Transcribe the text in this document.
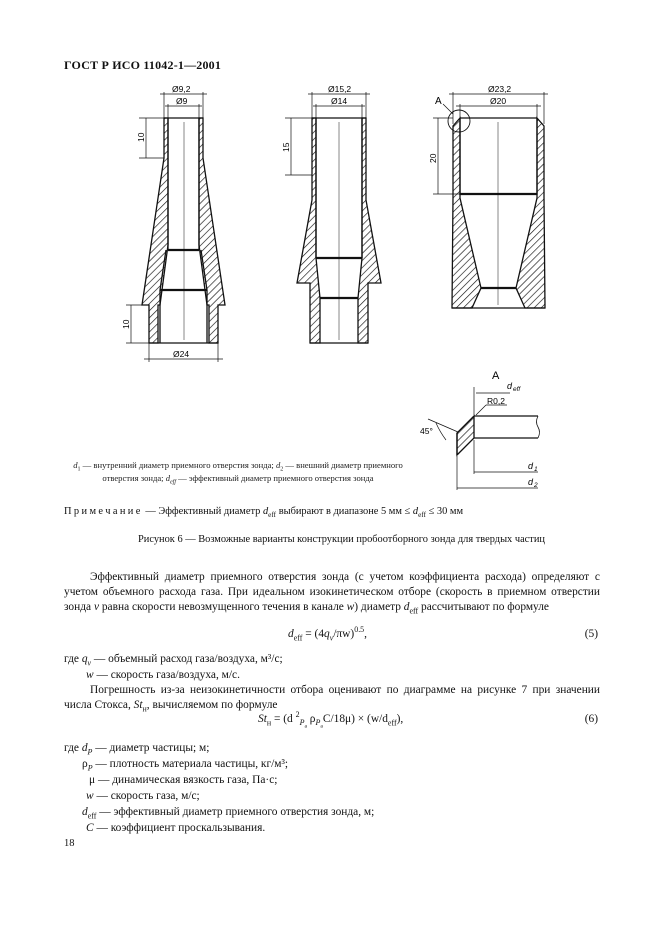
ГОСТ Р ИСО 11042-1—2001
Ø9,2
Ø9
10
10
Ø24
Ø15,2
Ø14
15
Ø23,2
Ø20
20
A
A
d eff
R0,2
45°
d 1
d 2
$d_1$ — внутренний диаметр приемного отверстия зонда; $d_2$ — внешний диаметр приемного отверстия зонда; $d_{eff}$ — эффективный диаметр приемного отверстия зонда
Примечание — Эффективный диаметр $d_{eff}$ выбирают в диапазоне 5 мм ≤ $d_{eff} \le 30$ мм
Рисунок 6 — Возможные варианты конструкции пробоотборного зонда для твердых частиц
Эффективный диаметр приемного отверстия зонда (с учетом коэффициента расхода) определяют с учетом объемного расхода газа. При идеальном изокинетическом отборе (скорость в приемном отверстии зонда v равна скорости невозмущенного течения в канале w) диаметр $d_{eff}$ рассчитывают по формуле
$d_{eff} = (4q_v/\pi w)^{0.5}$,	(5)
где $q_v$ — объемный расход газа/воздуха, м³/с;
w — скорость газа/воздуха, м/с.
Погрешность из-за неизокинетичности отбора оценивают по диаграмме на рисунке 7 при значении числа Стокса, $St_н$, вычисляемом по формуле
$St_н = (d$ $^2_{P_a}$ $\rho_{P_a}C/18\mu) \times (w/d_{eff})$,	(6)
где $d_P$ — диаметр частицы; м;
$\rho_P$ — плотность материала частицы, кг/м³;
μ — динамическая вязкость газа, Па·с;
w — скорость газа, м/с;
$d_{eff}$ — эффективный диаметр приемного отверстия зонда, м;
C — коэффициент проскальзывания.
18
